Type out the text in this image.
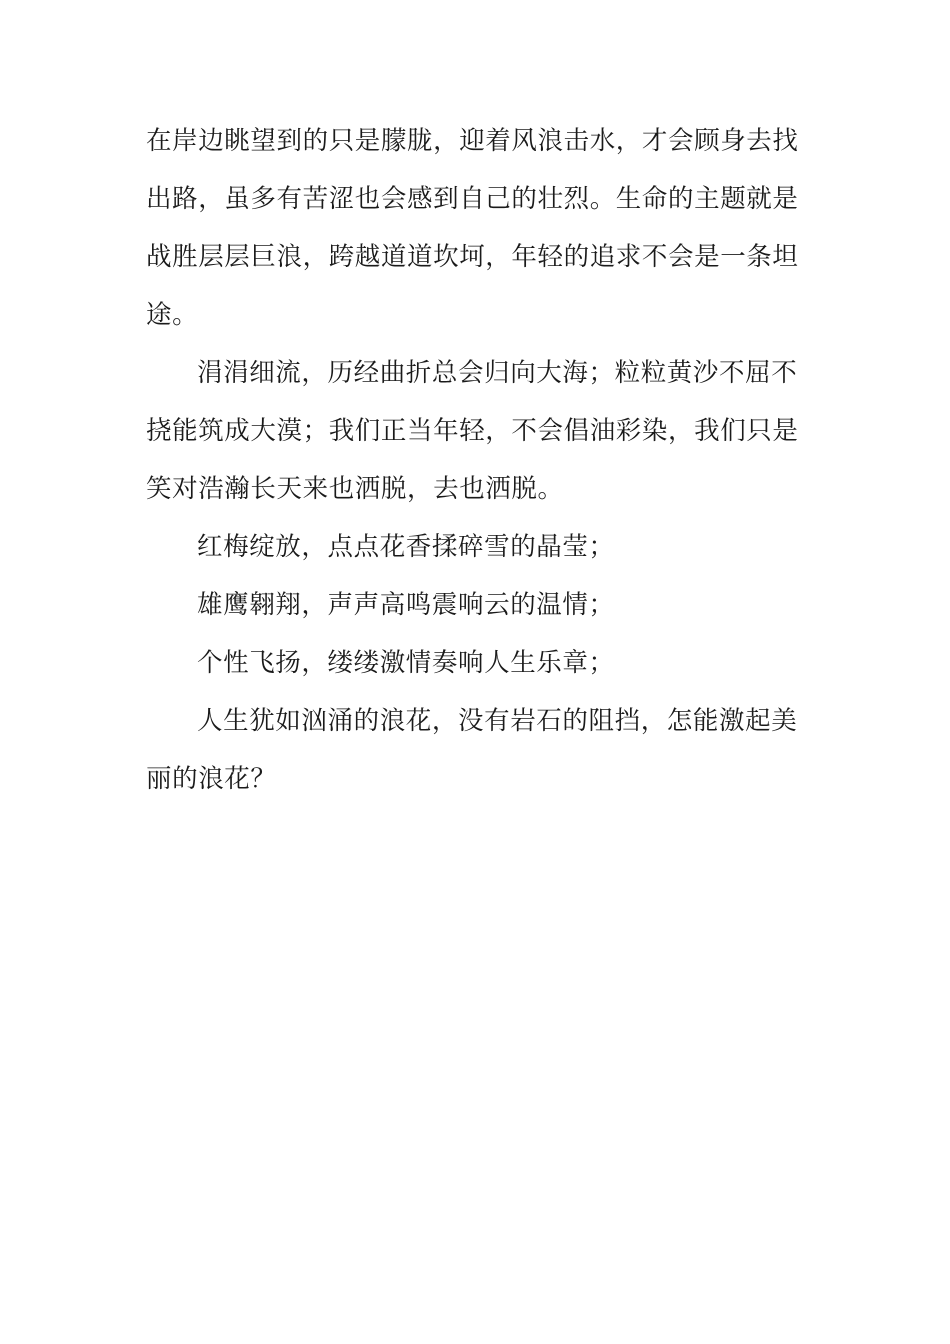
在岸边眺望到的只是朦胧，迎着风浪击水，才会顾身去找
出路，虽多有苦涩也会感到自己的壮烈。生命的主题就是
战胜层层巨浪，跨越道道坎坷，年轻的追求不会是一条坦
途。

涓涓细流，历经曲折总会归向大海；粒粒黄沙不屈不
挠能筑成大漠；我们正当年轻，不会倡油彩染，我们只是
笑对浩瀚长天来也洒脱，去也洒脱。

红梅绽放，点点花香揉碎雪的晶莹；

雄鹰翱翔，声声高鸣震响云的温情；

个性飞扬，缕缕激情奏响人生乐章；

人生犹如汹涌的浪花，没有岩石的阻挡，怎能激起美
丽的浪花？
